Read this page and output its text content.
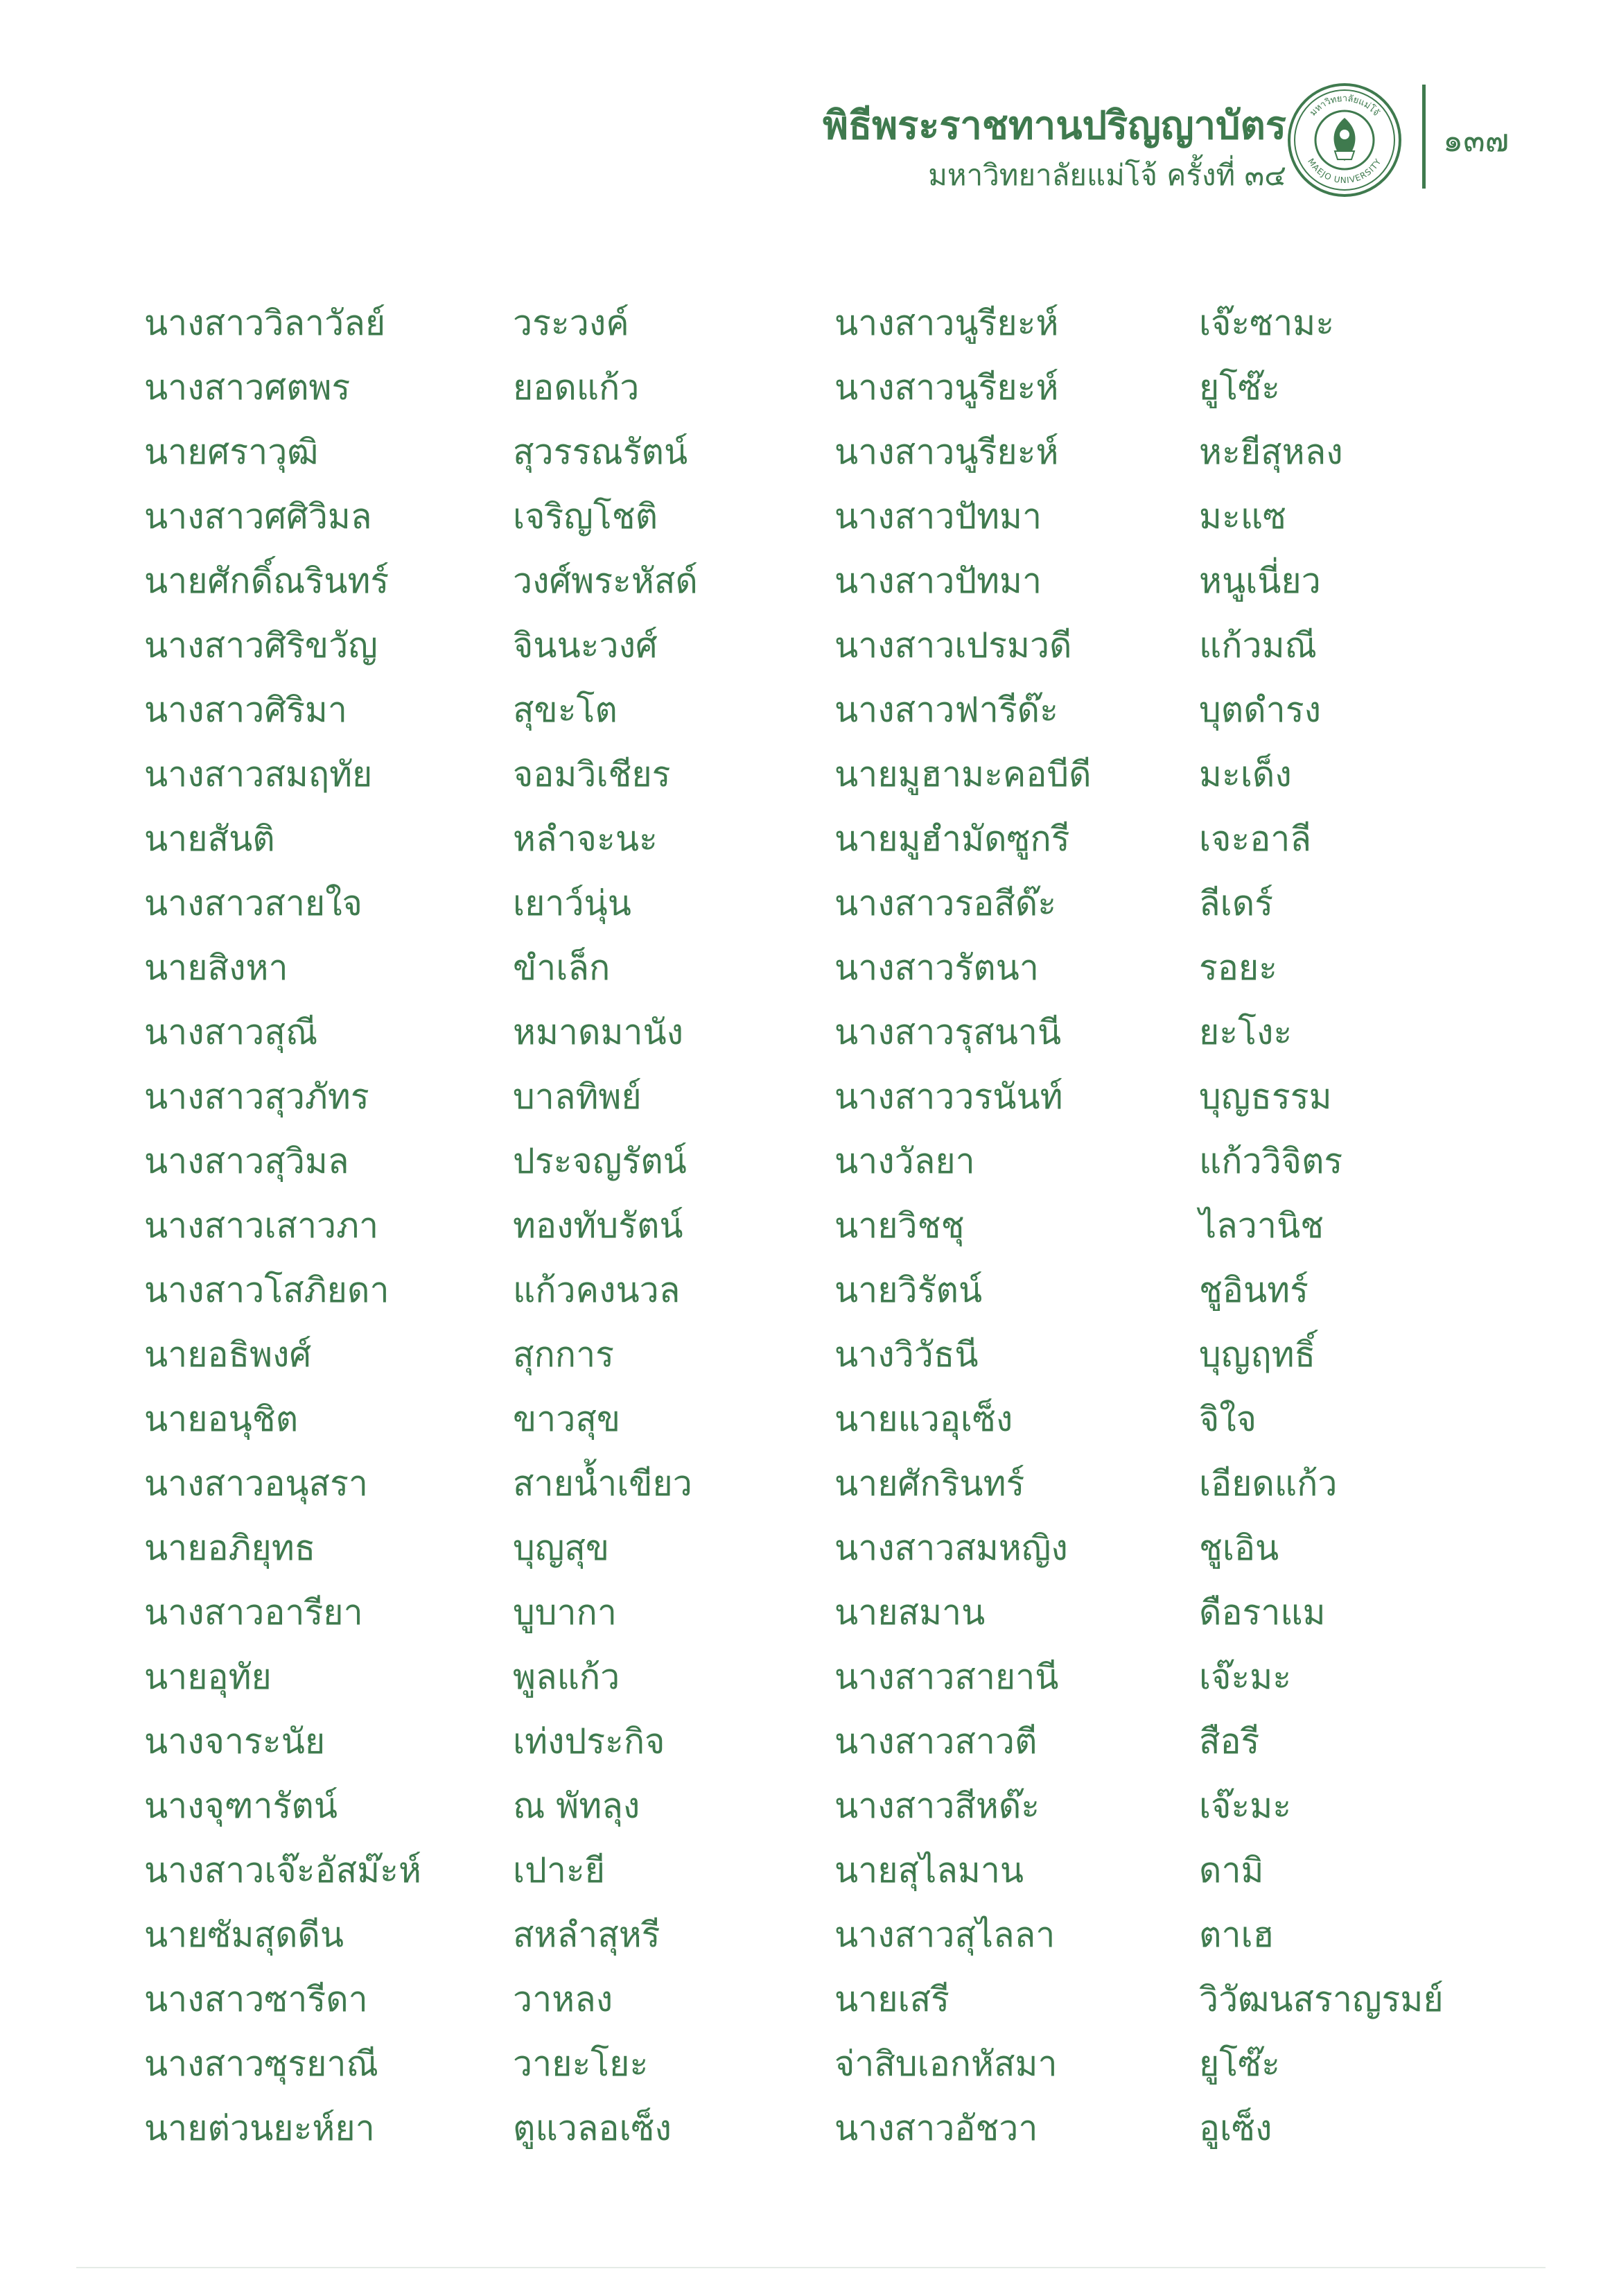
พิธีพระราชทานปริญญาบัตร
มหาวิทยาลัยแม่โจ้ ครั้งที่ ๓๔
มหาวิทยาลัยแม่โจ้
MAEJO UNIVERSITY
๑๓๗
นางสาววิลาวัลย์	วระวงค์	นางสาวนูรียะห์	เจ๊ะซามะ
นางสาวศตพร	ยอดแก้ว	นางสาวนูรียะห์	ยูโซ๊ะ
นายศราวุฒิ	สุวรรณรัตน์	นางสาวนูรียะห์	หะยีสุหลง
นางสาวศศิวิมล	เจริญโชติ	นางสาวปัทมา	มะแซ
นายศักดิ์ณรินทร์	วงศ์พระหัสด์	นางสาวปัทมา	หนูเนี่ยว
นางสาวศิริขวัญ	จินนะวงศ์	นางสาวเปรมวดี	แก้วมณี
นางสาวศิริมา	สุขะโต	นางสาวฟารีด๊ะ	บุตดำรง
นางสาวสมฤทัย	จอมวิเชียร	นายมูฮามะคอบีดี	มะเด็ง
นายสันติ	หลำจะนะ	นายมูฮำมัดซูกรี	เจะอาลี
นางสาวสายใจ	เยาว์นุ่น	นางสาวรอสีด๊ะ	ลีเดร์
นายสิงหา	ขำเล็ก	นางสาวรัตนา	รอยะ
นางสาวสุณี	หมาดมานัง	นางสาวรุสนานี	ยะโงะ
นางสาวสุวภัทร	บาลทิพย์	นางสาววรนันท์	บุญธรรม
นางสาวสุวิมล	ประจญรัตน์	นางวัลยา	แก้ววิจิตร
นางสาวเสาวภา	ทองทับรัตน์	นายวิชชุ	ไลวานิช
นางสาวโสภิยดา	แก้วคงนวล	นายวิรัตน์	ชูอินทร์
นายอธิพงศ์	สุกการ	นางวิวัธนี	บุญฤทธิ์
นายอนุชิต	ขาวสุข	นายแวอุเซ็ง	จิใจ
นางสาวอนุสรา	สายน้ำเขียว	นายศักรินทร์	เอียดแก้ว
นายอภิยุทธ	บุญสุข	นางสาวสมหญิง	ชูเอิน
นางสาวอารียา	บูบากา	นายสมาน	ดือราแม
นายอุทัย	พูลแก้ว	นางสาวสายานี	เจ๊ะมะ
นางจาระนัย	เท่งประกิจ	นางสาวสาวตี	สือรี
นางจุฑารัตน์	ณ พัทลุง	นางสาวสีหด๊ะ	เจ๊ะมะ
นางสาวเจ๊ะอัสม๊ะห์	เปาะยี	นายสุไลมาน	ดามิ
นายซัมสุดดีน	สหลำสุหรี	นางสาวสุไลลา	ตาเฮ
นางสาวซารีดา	วาหลง	นายเสรี	วิวัฒนสราญรมย์
นางสาวซุรยาณี	วายะโยะ	จ่าสิบเอกหัสมา	ยูโซ๊ะ
นายต่วนยะห์ยา	ตูแวลอเซ็ง	นางสาวอัชวา	อูเซ็ง
